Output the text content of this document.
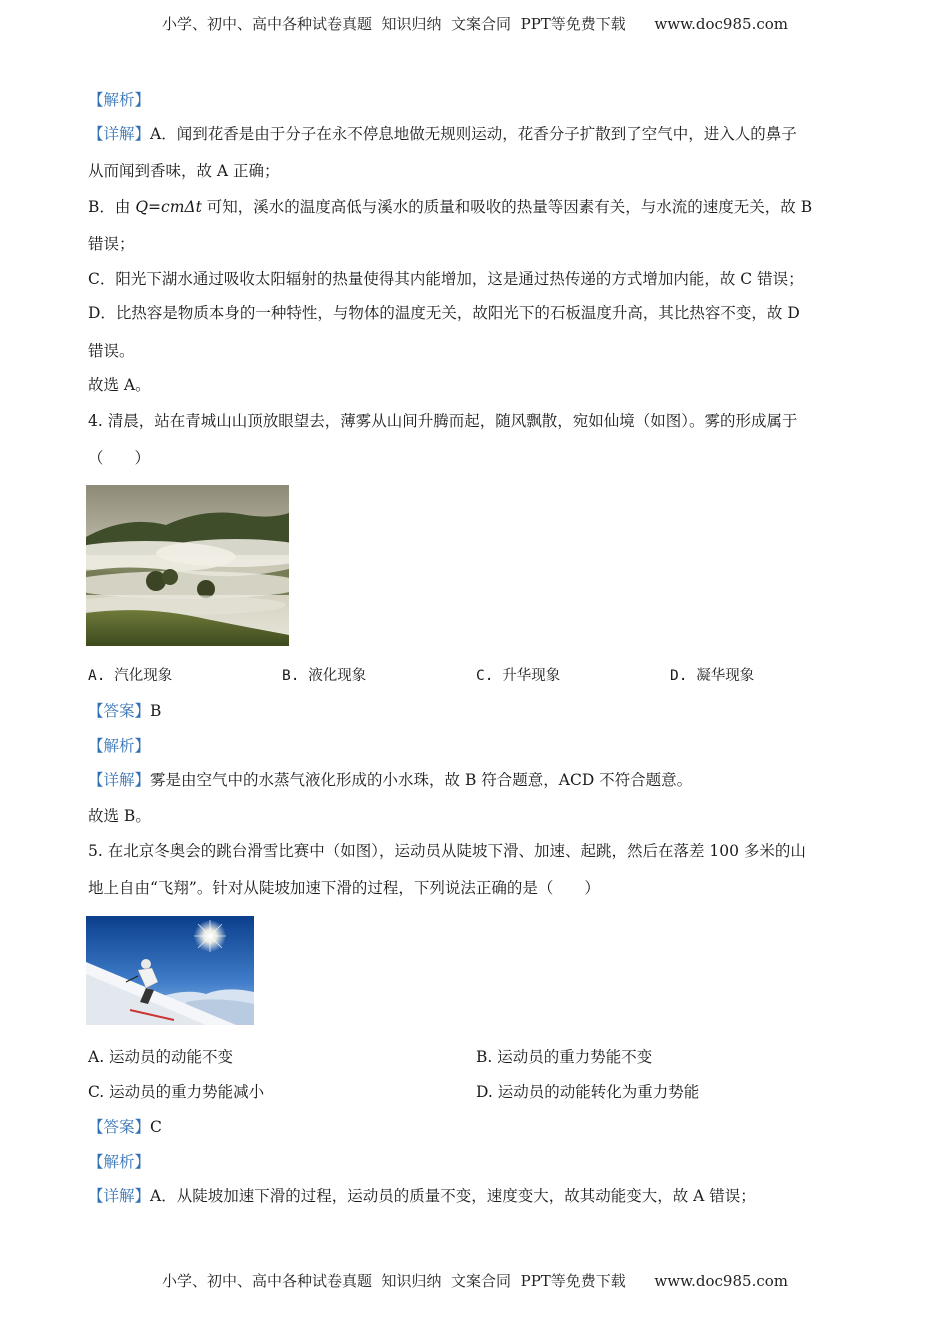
小学、初中、高中各种试卷真题  知识归纳  文案合同  PPT等免费下载      www.doc985.com
【解析】
【详解】A．闻到花香是由于分子在永不停息地做无规则运动，花香分子扩散到了空气中，进入人的鼻子
从而闻到香味，故 A 正确；
B．由 Q=cmΔt 可知，溪水的温度高低与溪水的质量和吸收的热量等因素有关，与水流的速度无关，故 B
错误；
C．阳光下湖水通过吸收太阳辐射的热量使得其内能增加，这是通过热传递的方式增加内能，故 C 错误；
D．比热容是物质本身的一种特性，与物体的温度无关，故阳光下的石板温度升高，其比热容不变，故 D
错误。
故选 A。
4. 清晨，站在青城山山顶放眼望去，薄雾从山间升腾而起，随风飘散，宛如仙境（如图）。雾的形成属于
（　　）
A. 汽化现象	B. 液化现象	C. 升华现象	D. 凝华现象
【答案】B
【解析】
【详解】雾是由空气中的水蒸气液化形成的小水珠，故 B 符合题意，ACD 不符合题意。
故选 B。
5. 在北京冬奥会的跳台滑雪比赛中（如图），运动员从陡坡下滑、加速、起跳，然后在落差 100 多米的山
地上自由“飞翔”。针对从陡坡加速下滑的过程，下列说法正确的是（　　）
A. 运动员的动能不变	B. 运动员的重力势能不变
C. 运动员的重力势能减小	D. 运动员的动能转化为重力势能
【答案】C
【解析】
【详解】A．从陡坡加速下滑的过程，运动员的质量不变，速度变大，故其动能变大，故 A 错误；
小学、初中、高中各种试卷真题  知识归纳  文案合同  PPT等免费下载      www.doc985.com
